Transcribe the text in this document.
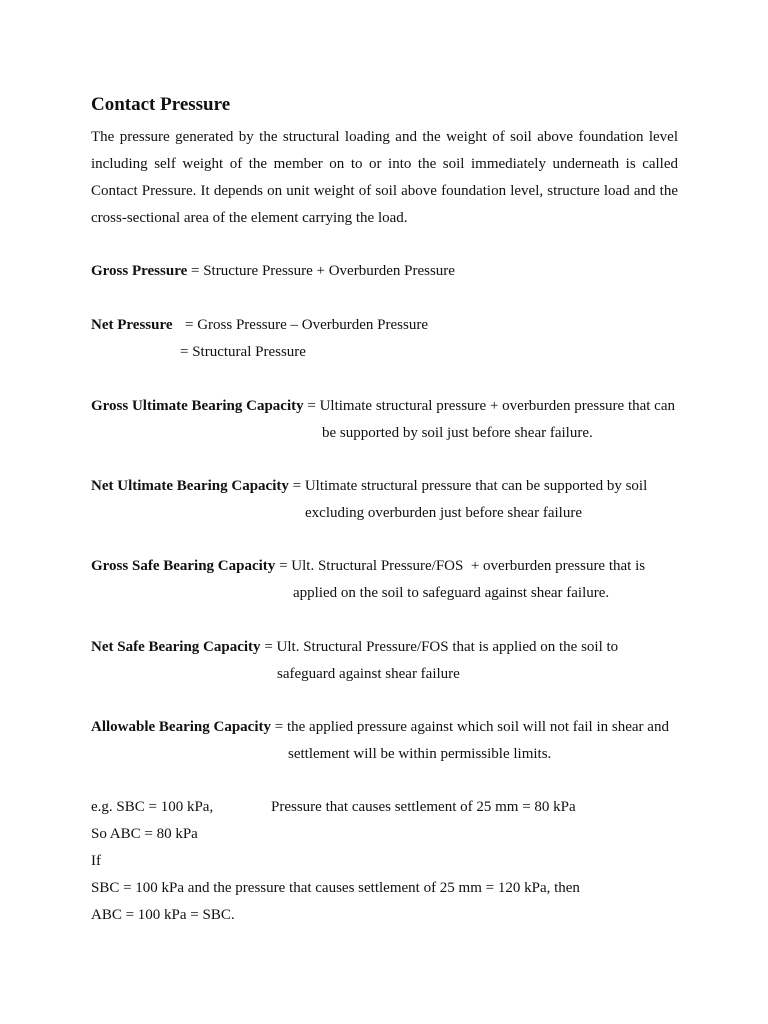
Contact Pressure
The pressure generated by the structural loading and the weight of soil above foundation level including self weight of the member on to or into the soil immediately underneath is called Contact Pressure. It depends on unit weight of soil above foundation level, structure load and the cross-sectional area of the element carrying the load.
Gross Pressure = Structure Pressure + Overburden Pressure
Net Pressure = Gross Pressure – Overburden Pressure
= Structural Pressure
Gross Ultimate Bearing Capacity = Ultimate structural pressure + overburden pressure that can
be supported by soil just before shear failure.
Net Ultimate Bearing Capacity = Ultimate structural pressure that can be supported by soil
excluding overburden just before shear failure
Gross Safe Bearing Capacity = Ult. Structural Pressure/FOS  + overburden pressure that is
applied on the soil to safeguard against shear failure.
Net Safe Bearing Capacity = Ult. Structural Pressure/FOS that is applied on the soil to
safeguard against shear failure
Allowable Bearing Capacity = the applied pressure against which soil will not fail in shear and
settlement will be within permissible limits.
e.g. SBC = 100 kPa,	Pressure that causes settlement of 25 mm = 80 kPa
So ABC = 80 kPa
If
SBC = 100 kPa and the pressure that causes settlement of 25 mm = 120 kPa, then
ABC = 100 kPa = SBC.
